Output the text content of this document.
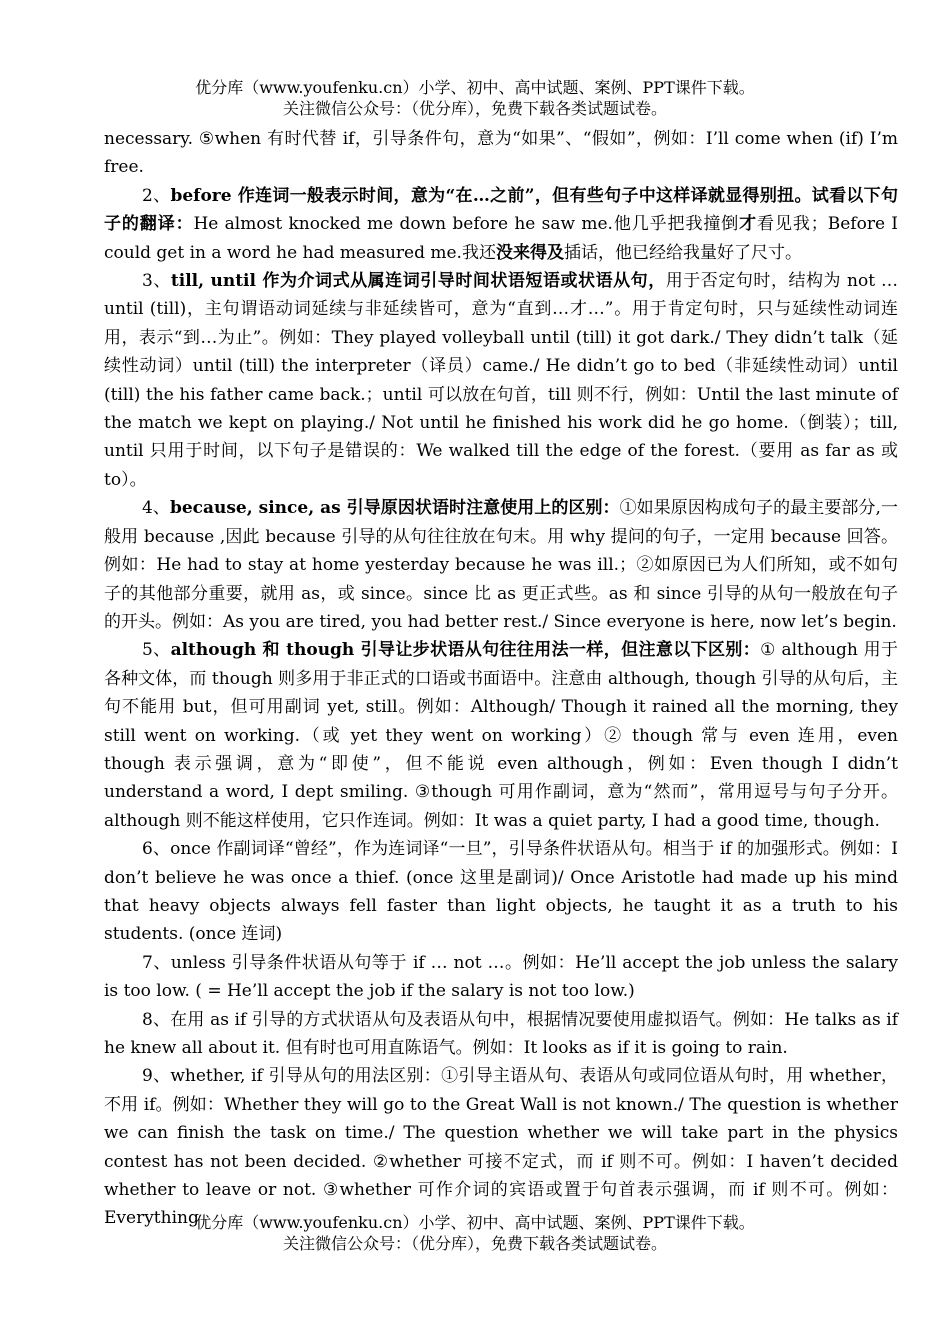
优分库（www.youfenku.cn）小学、初中、高中试题、案例、PPT课件下载。
关注微信公众号：（优分库），免费下载各类试题试卷。

necessary. ⑤when 有时代替 if，引导条件句，意为“如果”、“假如”，例如：I’ll come when (if) I’m free.

2、before 作连词一般表示时间，意为“在…之前”，但有些句子中这样译就显得别扭。试看以下句子的翻译：He almost knocked me down before he saw me.他几乎把我撞倒才看见我；Before I could get in a word he had measured me.我还没来得及插话，他已经给我量好了尺寸。

3、till, until 作为介词式从属连词引导时间状语短语或状语从句，用于否定句时，结构为 not …until (till)，主句谓语动词延续与非延续皆可，意为“直到…才…”。用于肯定句时，只与延续性动词连用，表示“到…为止”。例如：They played volleyball until (till) it got dark./ They didn’t talk（延续性动词）until (till) the interpreter（译员）came./ He didn’t go to bed（非延续性动词）until (till) the his father came back.；until 可以放在句首，till 则不行，例如：Until the last minute of the match we kept on playing./ Not until he finished his work did he go home.（倒装）；till, until 只用于时间，以下句子是错误的：We walked till the edge of the forest.（要用 as far as 或 to）。

4、because, since, as 引导原因状语时注意使用上的区别：①如果原因构成句子的最主要部分,一般用 because ,因此 because 引导的从句往往放在句末。用 why 提问的句子，一定用 because 回答。例如：He had to stay at home yesterday because he was ill.；②如原因已为人们所知，或不如句子的其他部分重要，就用 as，或 since。since 比 as 更正式些。as 和 since 引导的从句一般放在句子的开头。例如：As you are tired, you had better rest./ Since everyone is here, now let’s begin.

5、although 和 though 引导让步状语从句往往用法一样，但注意以下区别：① although 用于各种文体，而 though 则多用于非正式的口语或书面语中。注意由 although, though 引导的从句后，主句不能用 but，但可用副词 yet, still。例如：Although/ Though it rained all the morning, they still went on working.（或 yet they went on working）② though 常与 even 连用，even though 表示强调，意为“即使”，但不能说 even although，例如：Even though I didn’t understand a word, I dept smiling. ③though 可用作副词，意为“然而”，常用逗号与句子分开。although 则不能这样使用，它只作连词。例如：It was a quiet party, I had a good time, though.

6、once 作副词译“曾经”，作为连词译“一旦”，引导条件状语从句。相当于 if 的加强形式。例如：I don’t believe he was once a thief. (once 这里是副词)/ Once Aristotle had made up his mind that heavy objects always fell faster than light objects, he taught it as a truth to his students. (once 连词)

7、unless 引导条件状语从句等于 if … not …。例如：He’ll accept the job unless the salary is too low. ( = He’ll accept the job if the salary is not too low.)

8、在用 as if 引导的方式状语从句及表语从句中，根据情况要使用虚拟语气。例如：He talks as if he knew all about it. 但有时也可用直陈语气。例如：It looks as if it is going to rain.

9、whether, if 引导从句的用法区别：①引导主语从句、表语从句或同位语从句时，用 whether，不用 if。例如：Whether they will go to the Great Wall is not known./ The question is whether we can finish the task on time./ The question whether we will take part in the physics contest has not been decided. ②whether 可接不定式，而 if 则不可。例如：I haven’t decided whether to leave or not. ③whether 可作介词的宾语或置于句首表示强调，而 if 则不可。例如：Everything

优分库（www.youfenku.cn）小学、初中、高中试题、案例、PPT课件下载。
关注微信公众号：（优分库），免费下载各类试题试卷。
